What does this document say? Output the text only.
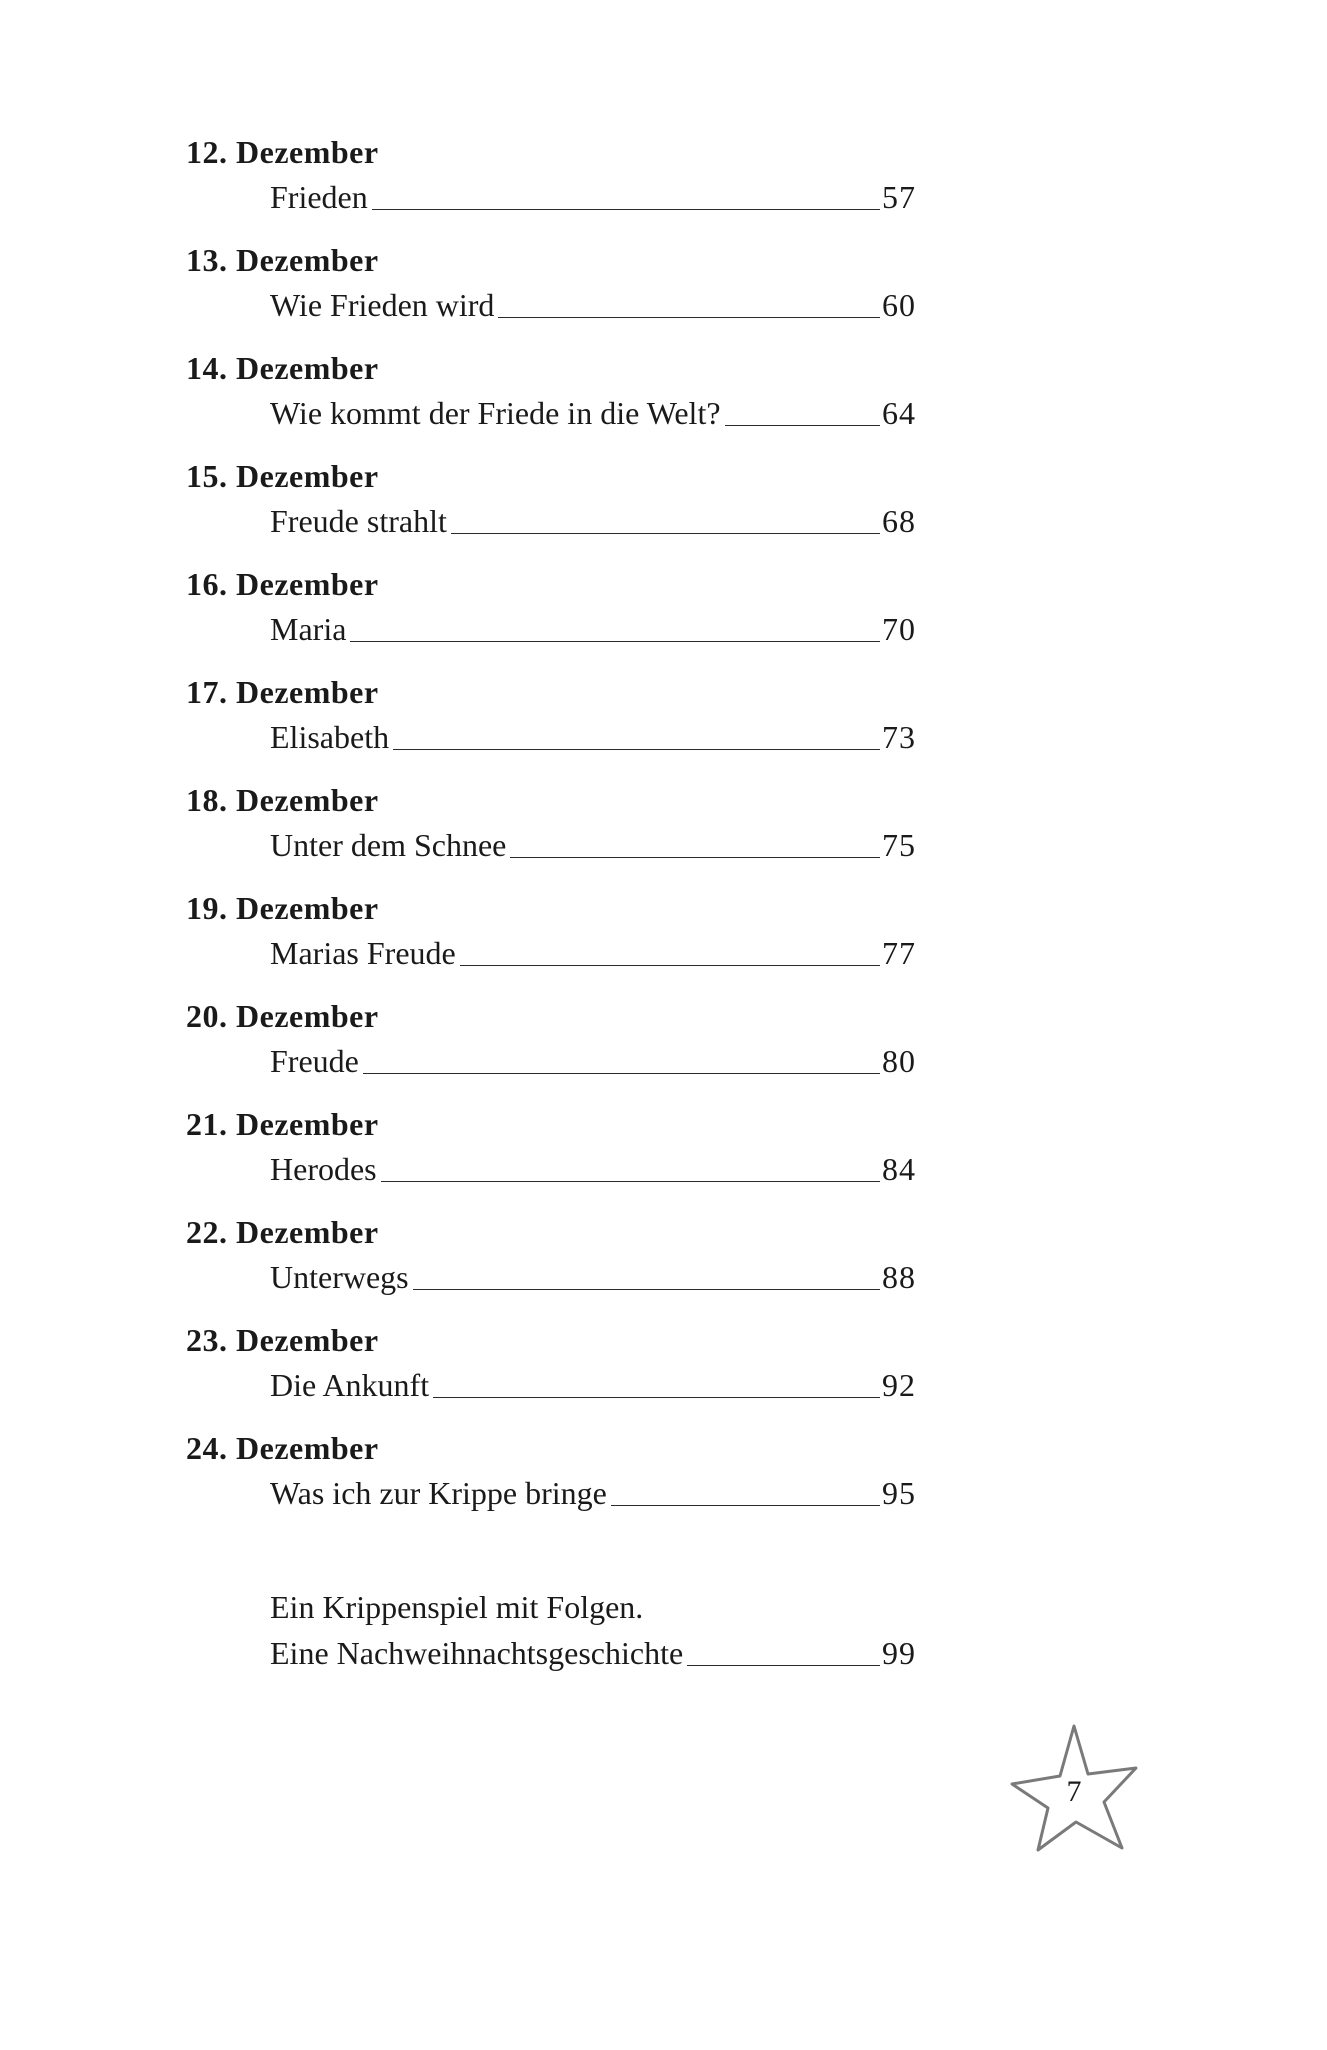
12. Dezember
Frieden	57
13. Dezember
Wie Frieden wird	60
14. Dezember
Wie kommt der Friede in die Welt?	64
15. Dezember
Freude strahlt	68
16. Dezember
Maria	70
17. Dezember
Elisabeth	73
18. Dezember
Unter dem Schnee	75
19. Dezember
Marias Freude	77
20. Dezember
Freude	80
21. Dezember
Herodes	84
22. Dezember
Unterwegs	88
23. Dezember
Die Ankunft	92
24. Dezember
Was ich zur Krippe bringe	95
Ein Krippenspiel mit Folgen.
Eine Nachweihnachtsgeschichte	99
7
